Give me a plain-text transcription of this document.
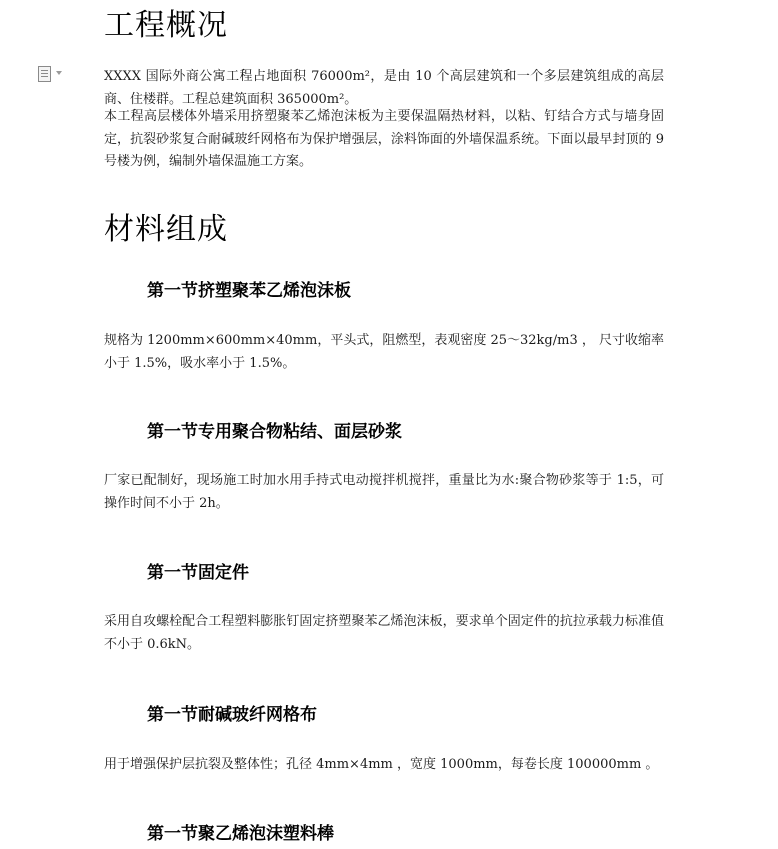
工程概况

XXXX 国际外商公寓工程占地面积 76000m²，是由 10 个高层建筑和一个多层建筑组成的高层商、住楼群。工程总建筑面积 365000m²。

本工程高层楼体外墙采用挤塑聚苯乙烯泡沫板为主要保温隔热材料，以粘、钉结合方式与墙身固定，抗裂砂浆复合耐碱玻纤网格布为保护增强层，涂料饰面的外墙保温系统。下面以最早封顶的 9 号楼为例，编制外墙保温施工方案。

材料组成
第一节挤塑聚苯乙烯泡沫板

规格为 1200mm×600mm×40mm，平头式，阻燃型，表观密度 25～32kg/m3 ， 尺寸收缩率小于 1.5%，吸水率小于 1.5%。

第一节专用聚合物粘结、面层砂浆

厂家已配制好，现场施工时加水用手持式电动搅拌机搅拌，重量比为水:聚合物砂浆等于 1:5，可操作时间不小于 2h。

第一节固定件

采用自攻螺栓配合工程塑料膨胀钉固定挤塑聚苯乙烯泡沫板，要求单个固定件的抗拉承载力标准值不小于 0.6kN。

第一节耐碱玻纤网格布

用于增强保护层抗裂及整体性；孔径 4mm×4mm ，宽度 1000mm，每卷长度 100000mm 。

第一节聚乙烯泡沫塑料棒
